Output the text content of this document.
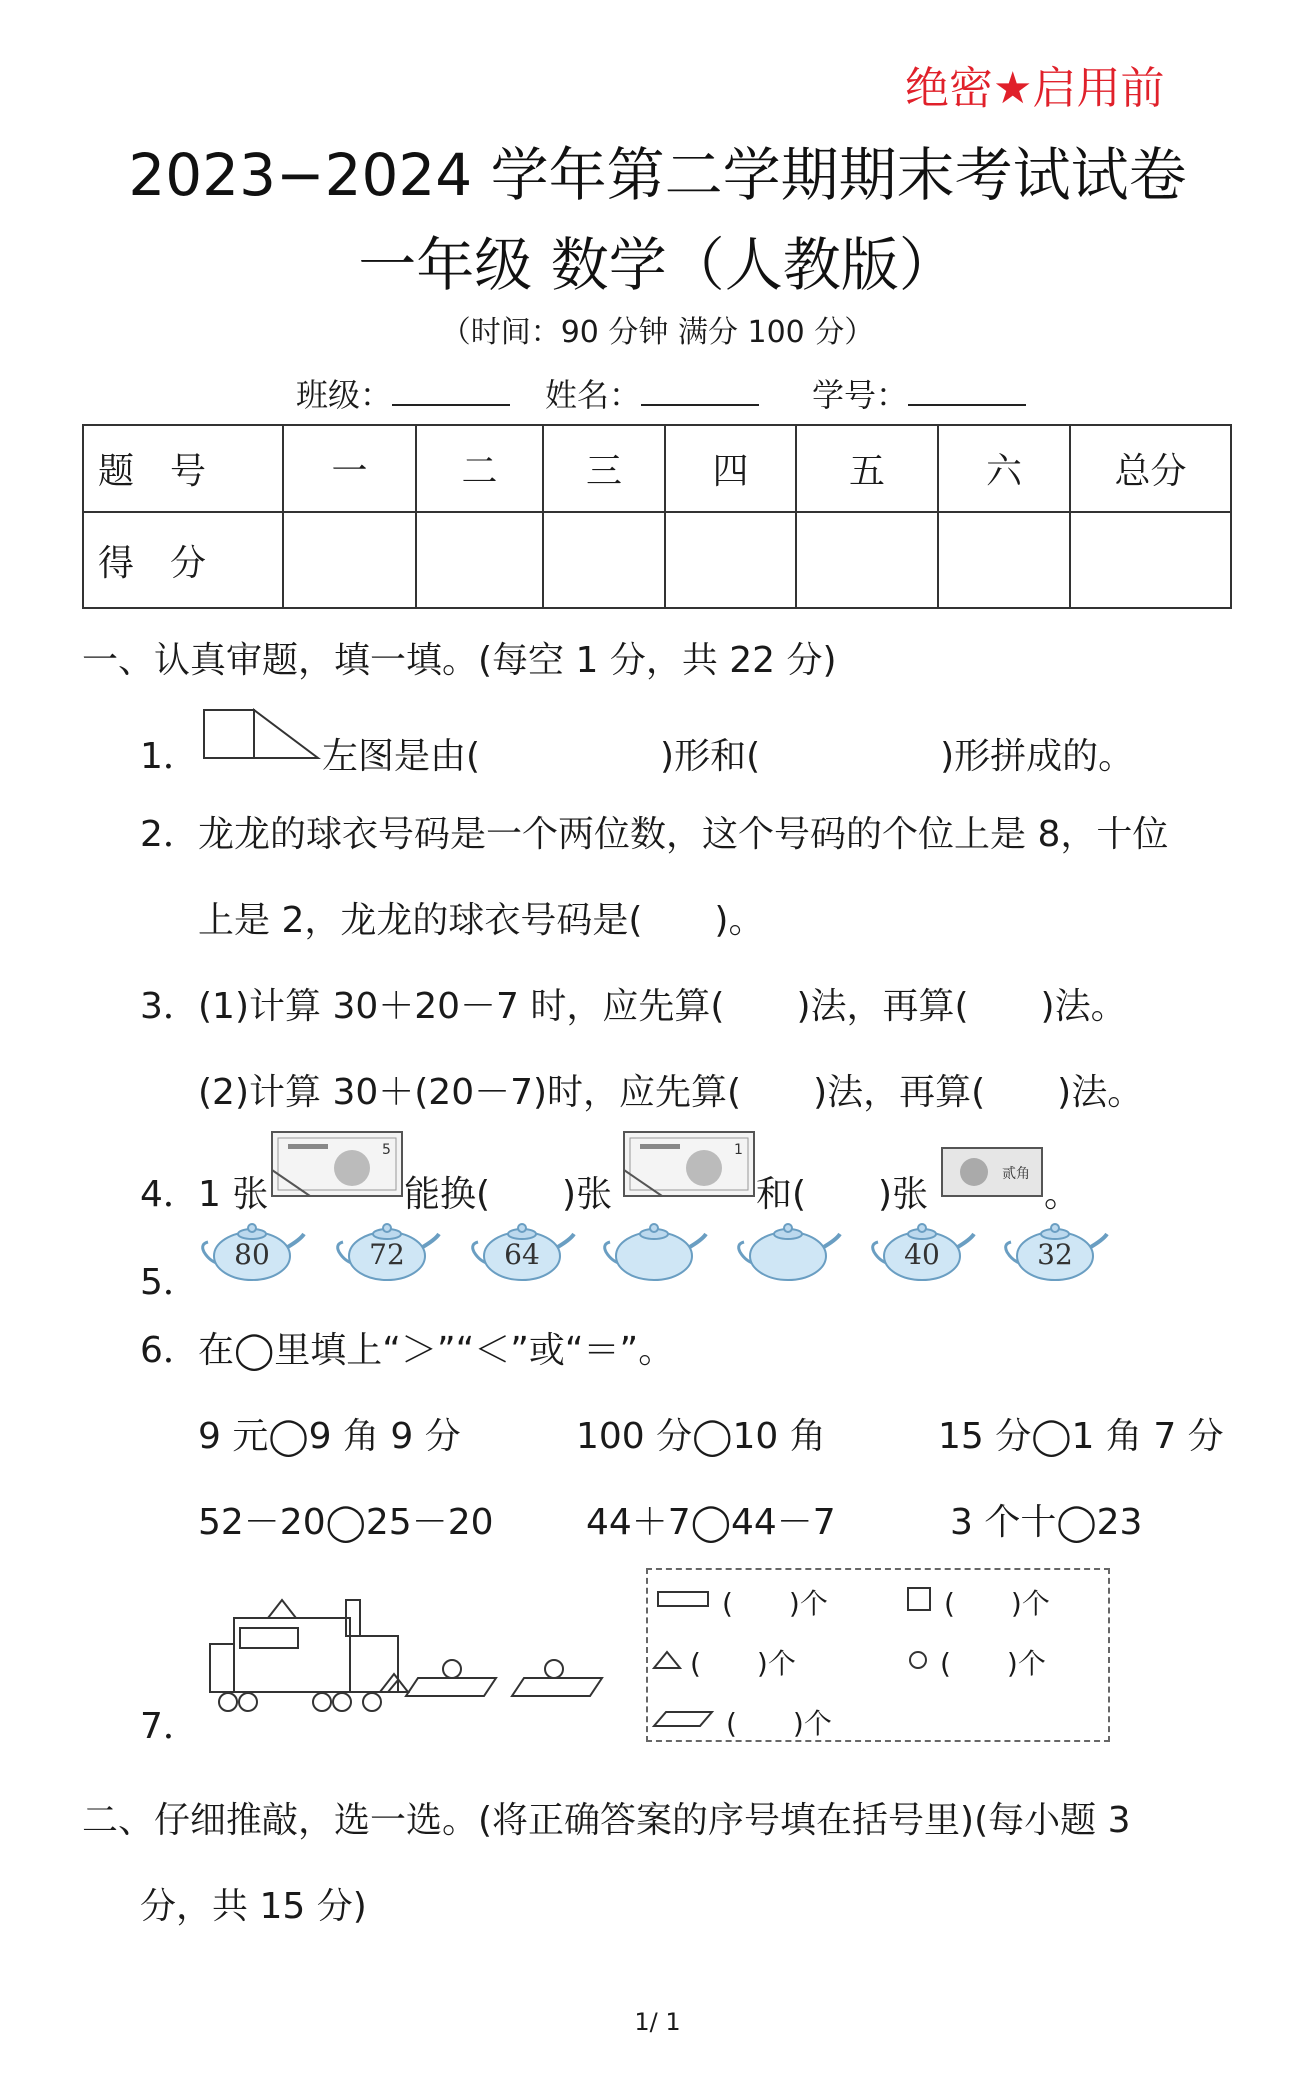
绝密★启用前
2023−2024 学年第二学期期末考试试卷
一年级 数学（人教版）
（时间：90 分钟 满分 100 分）
班级：	姓名：	学号：
题　号	一	二	三	四	五	六	总分
得　分							
一、认真审题，填一填。(每空 1 分，共 22 分)
1．	左图是由(　　　　　)形和(　　　　　)形拼成的。
2． 龙龙的球衣号码是一个两位数，这个号码的个位上是 8，十位
上是 2，龙龙的球衣号码是(　　)。
3． (1)计算 30＋20－7 时，应先算(　　)法，再算(　　)法。
(2)计算 30＋(20－7)时，应先算(　　)法，再算(　　)法。
4． 1 张
5
能换(　　)张
1
和(　　)张	贰角 。
5．
80	72	64	40	32
6． 在◯里填上“＞”“＜”或“＝”。
9 元◯9 角 9 分	100 分◯10 角	15 分◯1 角 7 分
52－20◯25－20	44＋7◯44－7	3 个十◯23
7．
(　　)个	(　　)个
(　　)个	(　　)个
(　　)个
二、仔细推敲，选一选。(将正确答案的序号填在括号里)(每小题 3
分，共 15 分)
1/ 1
